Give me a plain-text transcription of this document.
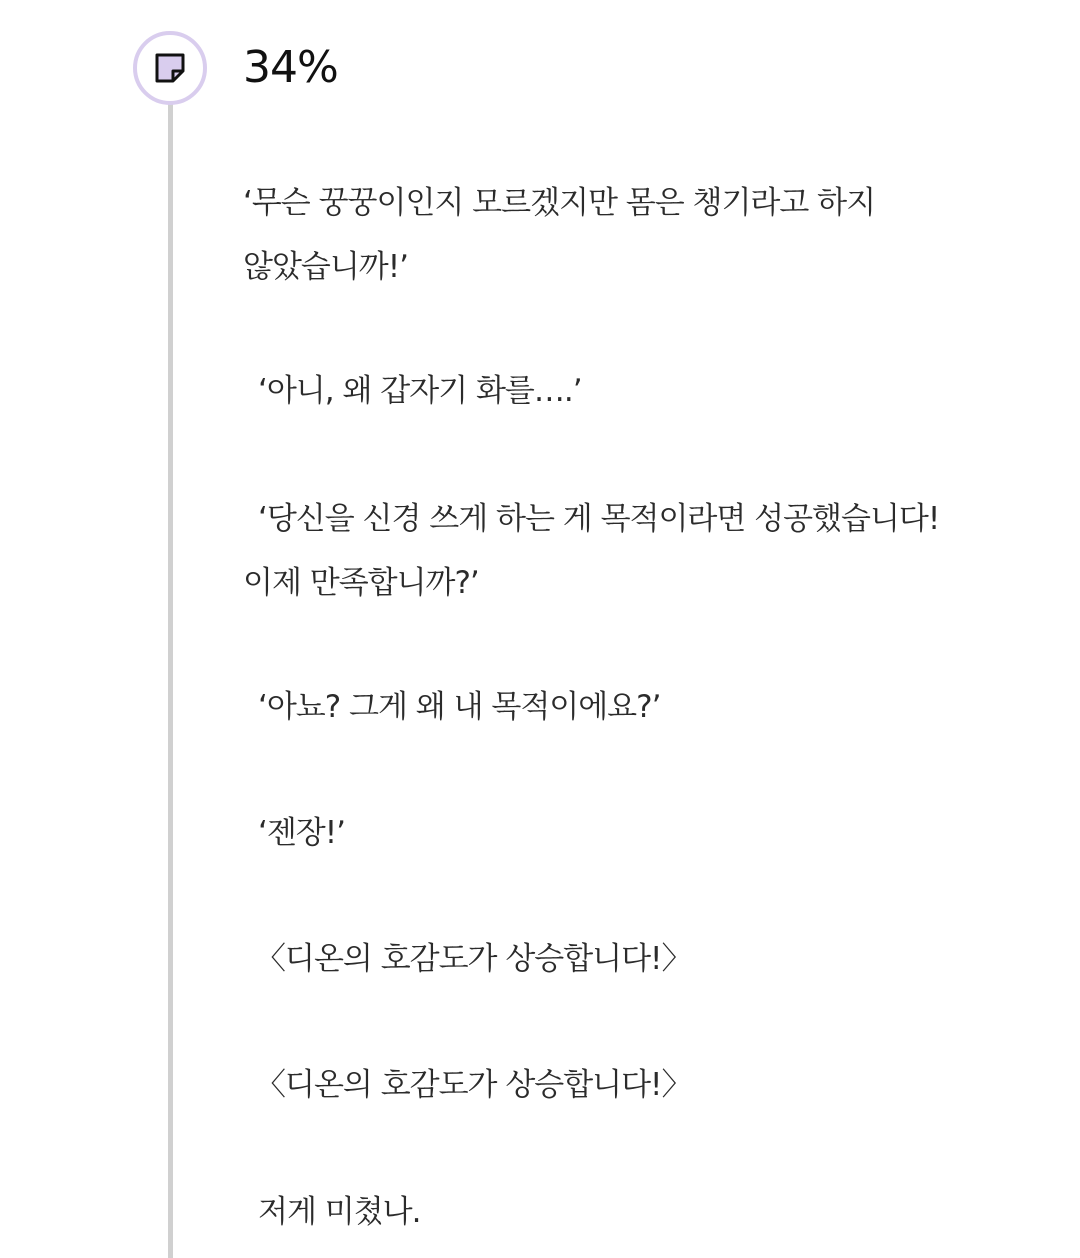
34%
‘무슨 꿍꿍이인지 모르겠지만 몸은 챙기라고 하지
않았습니까!’
‘아니, 왜 갑자기 화를….’
‘당신을 신경 쓰게 하는 게 목적이라면 성공했습니다!
이제 만족합니까?’
‘아뇨? 그게 왜 내 목적이에요?’
‘젠장!’
〈디온의 호감도가 상승합니다!〉
〈디온의 호감도가 상승합니다!〉
저게 미쳤나.
